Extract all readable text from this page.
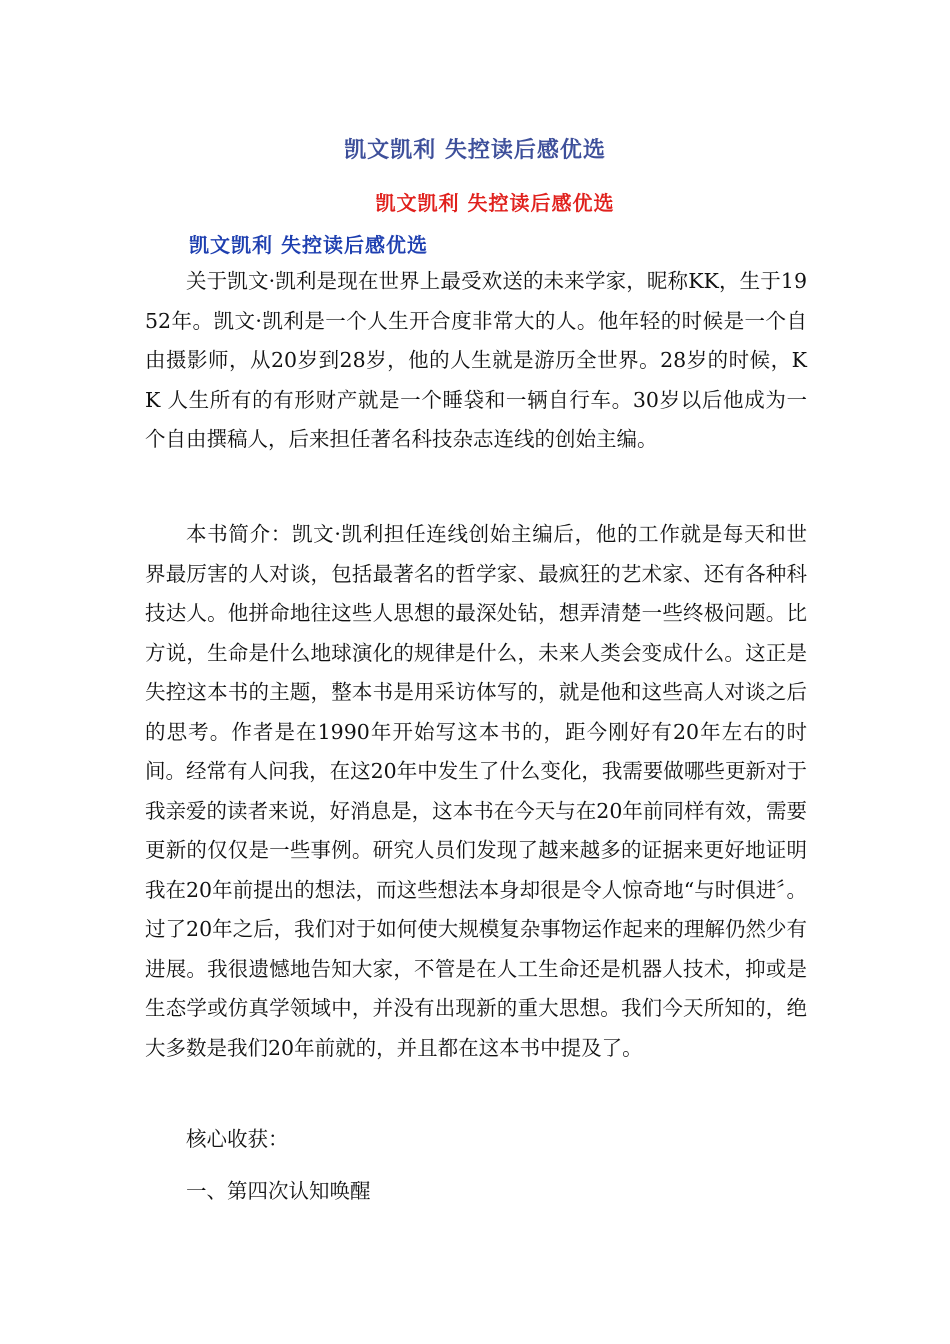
凯文凯利 失控读后感优选
凯文凯利 失控读后感优选
凯文凯利 失控读后感优选

关于凯文·凯利是现在世界上最受欢送的未来学家，昵称KK，生于1952年。凯文·凯利是一个人生开合度非常大的人。他年轻的时候是一个自由摄影师，从20岁到28岁，他的人生就是游历全世界。28岁的时候，KK 人生所有的有形财产就是一个睡袋和一辆自行车。30岁以后他成为一个自由撰稿人，后来担任著名科技杂志连线的创始主编。

本书简介：凯文·凯利担任连线创始主编后，他的工作就是每天和世界最厉害的人对谈，包括最著名的哲学家、最疯狂的艺术家、还有各种科技达人。他拼命地往这些人思想的最深处钻，想弄清楚一些终极问题。比方说，生命是什么地球演化的规律是什么，未来人类会变成什么。这正是失控这本书的主题，整本书是用采访体写的，就是他和这些高人对谈之后的思考。作者是在1990年开始写这本书的，距今刚好有20年左右的时间。经常有人问我，在这20年中发生了什么变化，我需要做哪些更新对于我亲爱的读者来说，好消息是，这本书在今天与在20年前同样有效，需要更新的仅仅是一些事例。研究人员们发现了越来越多的证据来更好地证明我在20年前提出的想法，而这些想法本身却很是令人惊奇地“与时俱进〞。过了20年之后，我们对于如何使大规模复杂事物运作起来的理解仍然少有进展。我很遗憾地告知大家，不管是在人工生命还是机器人技术，抑或是生态学或仿真学领域中，并没有出现新的重大思想。我们今天所知的，绝大多数是我们20年前就的，并且都在这本书中提及了。

核心收获：

一、第四次认知唤醒
